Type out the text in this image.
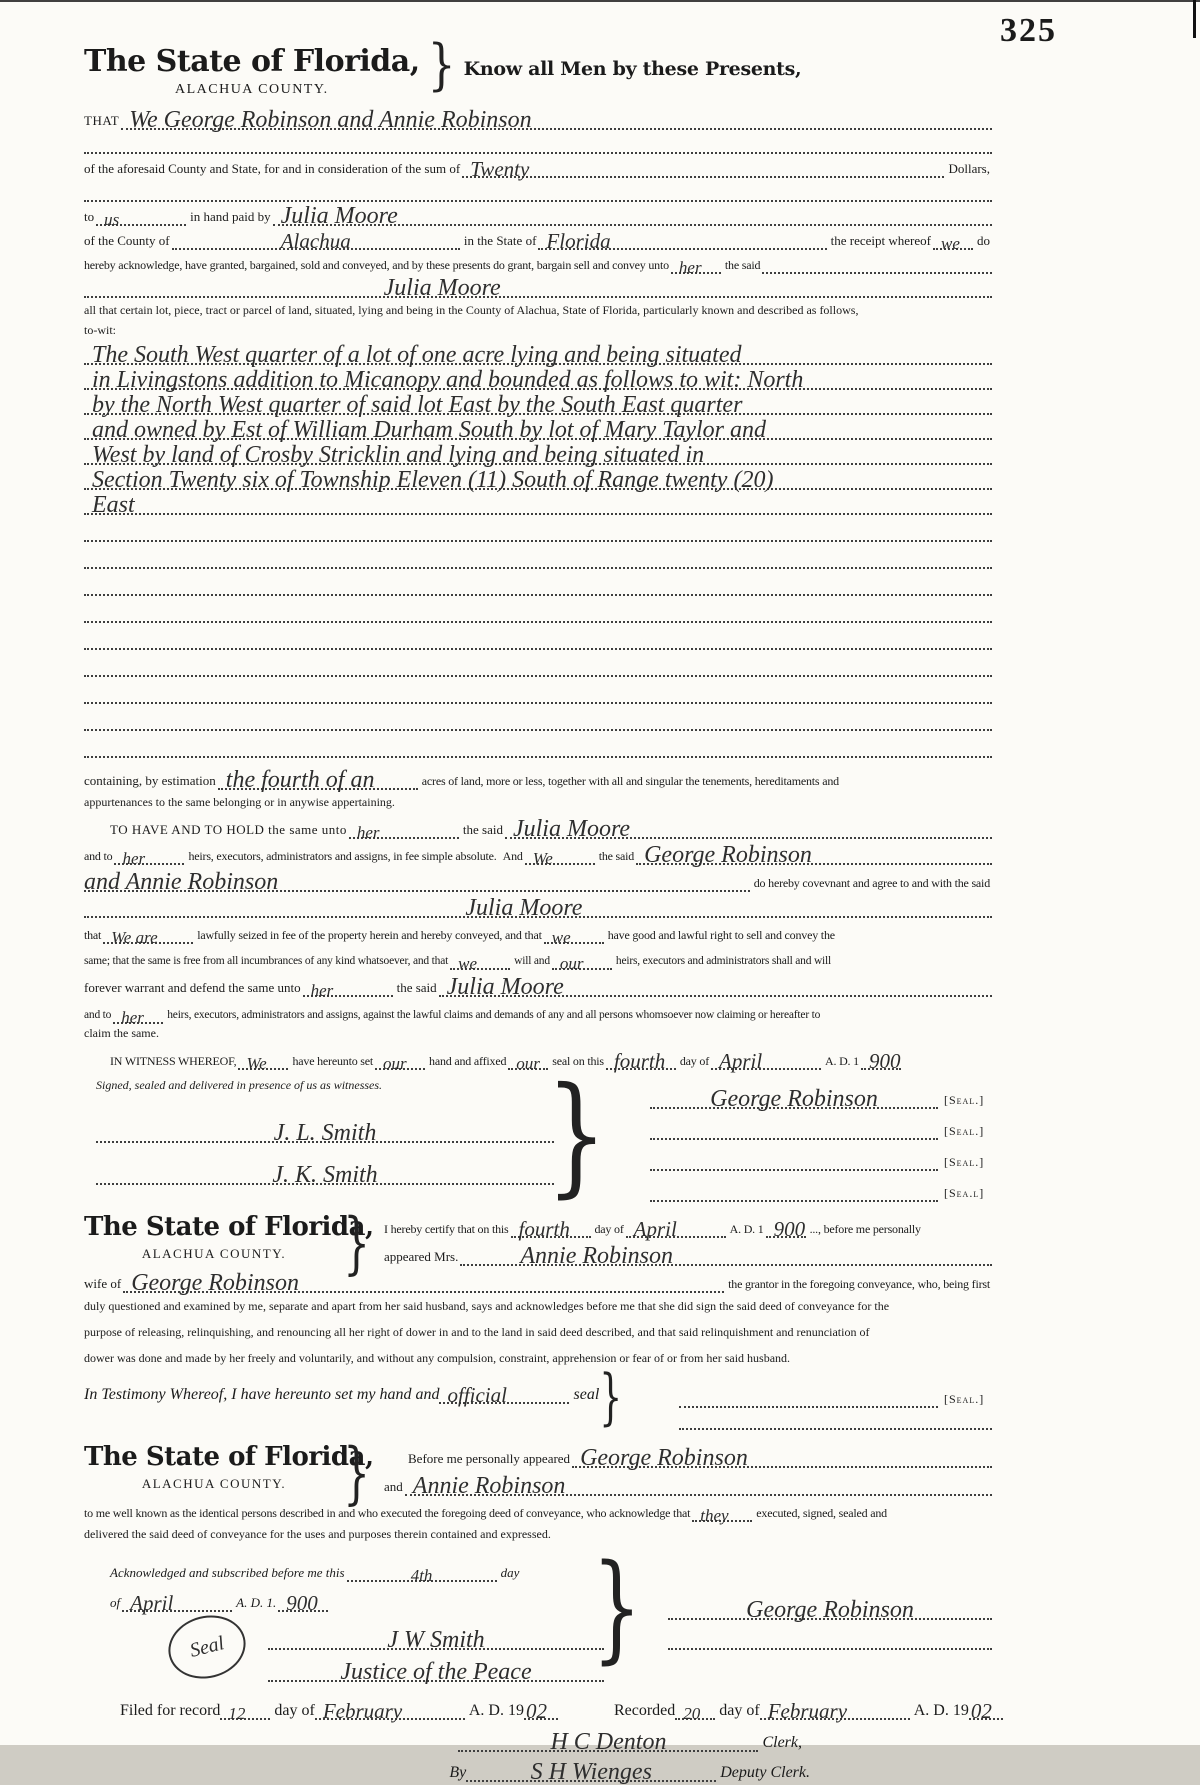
325
The State of Florida,
ALACHUA COUNTY.
}
Know all Men by these Presents,
THAT We George Robinson and Annie Robinson
of the aforesaid County and State, for and in consideration of the sum of Twenty	Dollars,
to us	in hand paid by Julia Moore
of the County of	Alachua	in the State of Florida	the receipt whereof we	do
hereby acknowledge, have granted, bargained, sold and conveyed, and by these presents do grant, bargain sell and convey unto her	the said
Julia Moore
all that certain lot, piece, tract or parcel of land, situated, lying and being in the County of Alachua, State of Florida, particularly known and described as follows,
to-wit:
The South West quarter of a lot of one acre lying and being situated
in Livingstons addition to Micanopy and bounded as follows to wit: North
by the North West quarter of said lot East by the South East quarter
and owned by Est of William Durham South by lot of Mary Taylor and
West by land of Crosby Stricklin and lying and being situated in
Section Twenty six of Township Eleven (11) South of Range twenty (20)
East
containing, by estimation the fourth of an	acres of land, more or less, together with all and singular the tenements, hereditaments and
appurtenances to the same belonging or in anywise appertaining.
TO HAVE AND TO HOLD the same unto her	the said Julia Moore
and to her	heirs, executors, administrators and assigns, in fee simple absolute. And We	the said George Robinson
and Annie Robinson	do hereby covevnant and agree to and with the said
Julia Moore
that We are	lawfully seized in fee of the property herein and hereby conveyed, and that we	have good and lawful right to sell and convey the
same; that the same is free from all incumbrances of any kind whatsoever, and that we	will and our	heirs, executors and administrators shall and will
forever warrant and defend the same unto her	the said Julia Moore
and to her	heirs, executors, administrators and assigns, against the lawful claims and demands of any and all persons whomsoever now claiming or hereafter to
claim the same.
IN WITNESS WHEREOF, We	have hereunto set our	hand and affixed our	seal on this fourth	day of April	A. D. 1 900
Signed, sealed and delivered in presence of us as witnesses.
J. L. Smith
J. K. Smith
}
George Robinson	[Seal.]
[Seal.]
[Seal.]
[Sea.l]
The State of Florida,
ALACHUA COUNTY.
}
I hereby certify that on this fourth	day of April	A. D. 1 900 ..., before me personally
appeared Mrs.	Annie Robinson
wife of George Robinson	the grantor in the foregoing conveyance, who, being first
duly questioned and examined by me, separate and apart from her said husband, says and acknowledges before me that she did sign the said deed of conveyance for the
purpose of releasing, relinquishing, and renouncing all her right of dower in and to the land in said deed described, and that said relinquishment and renunciation of
dower was done and made by her freely and voluntarily, and without any compulsion, constraint, apprehension or fear of or from her said husband.
In Testimony Whereof, I have hereunto set my hand and official	seal }	[Seal.]
The State of Florida,
ALACHUA COUNTY.
}
Before me personally appeared George Robinson
and Annie Robinson
to me well known as the identical persons described in and who executed the foregoing deed of conveyance, who acknowledge that they	executed, signed, sealed and
delivered the said deed of conveyance for the uses and purposes therein contained and expressed.
Acknowledged and subscribed before me this	4th	day
of April	A. D. 1. 900
Seal	J W Smith
Justice of the Peace
}
George Robinson
Filed for record 12 day of February	A. D. 19 02	Recorded 20 day of February	A. D. 19 02
H C Denton	Clerk,
By	S H Wienges	Deputy Clerk.
